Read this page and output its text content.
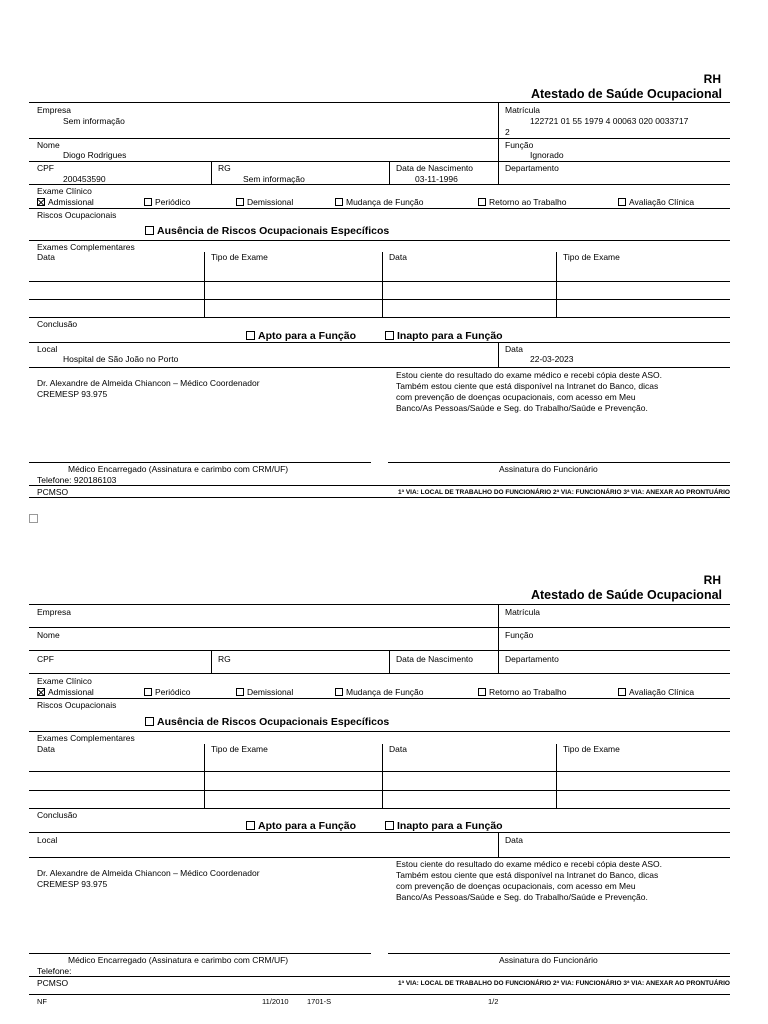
RH
Atestado de Saúde Ocupacional
Empresa
Sem informação
Matrícula
122721 01 55 1979 4 00063 020 0033717
2
Nome
Diogo Rodrigues
Função
Ignorado
CPF
200453590
RG
Sem informação
Data de Nascimento
03-11-1996
Departamento
Exame Clínico
Admissional	Periódico	Demissional	Mudança de Função	Retorno ao Trabalho	Avaliação Clínica
Riscos Ocupacionais
Ausência de Riscos Ocupacionais Específicos
Exames Complementares
Data	Tipo de Exame	Data	Tipo de Exame
Conclusão
Apto para a Função	Inapto para a Função
Local
Hospital de São João no Porto
Data
22-03-2023
Dr. Alexandre de Almeida Chiancon – Médico Coordenador
CREMESP 93.975
Estou ciente do resultado do exame médico e recebi cópia deste ASO.
Também estou ciente que está disponível na Intranet do Banco, dicas
com prevenção de doenças ocupacionais, com acesso em Meu
Banco/As Pessoas/Saúde e Seg. do Trabalho/Saúde e Prevenção.
Médico Encarregado (Assinatura e carimbo com CRM/UF)	Assinatura do Funcionário
Telefone: 920186103
PCMSO	1ª VIA: LOCAL DE TRABALHO DO FUNCIONÁRIO 2ª VIA: FUNCIONÁRIO 3ª VIA: ANEXAR AO PRONTUÁRIO
RH
Atestado de Saúde Ocupacional
Empresa	Matrícula
Nome	Função
CPF	RG	Data de Nascimento	Departamento
Exame Clínico
Admissional	Periódico	Demissional	Mudança de Função	Retorno ao Trabalho	Avaliação Clínica
Riscos Ocupacionais
Ausência de Riscos Ocupacionais Específicos
Exames Complementares
Data	Tipo de Exame	Data	Tipo de Exame
Conclusão
Apto para a Função	Inapto para a Função
Local	Data
Dr. Alexandre de Almeida Chiancon – Médico Coordenador
CREMESP 93.975
Estou ciente do resultado do exame médico e recebi cópia deste ASO.
Também estou ciente que está disponível na Intranet do Banco, dicas
com prevenção de doenças ocupacionais, com acesso em Meu
Banco/As Pessoas/Saúde e Seg. do Trabalho/Saúde e Prevenção.
Médico Encarregado (Assinatura e carimbo com CRM/UF)	Assinatura do Funcionário
Telefone:
PCMSO	1ª VIA: LOCAL DE TRABALHO DO FUNCIONÁRIO 2ª VIA: FUNCIONÁRIO 3ª VIA: ANEXAR AO PRONTUÁRIO
NF	11/2010 1701-S	1/2
